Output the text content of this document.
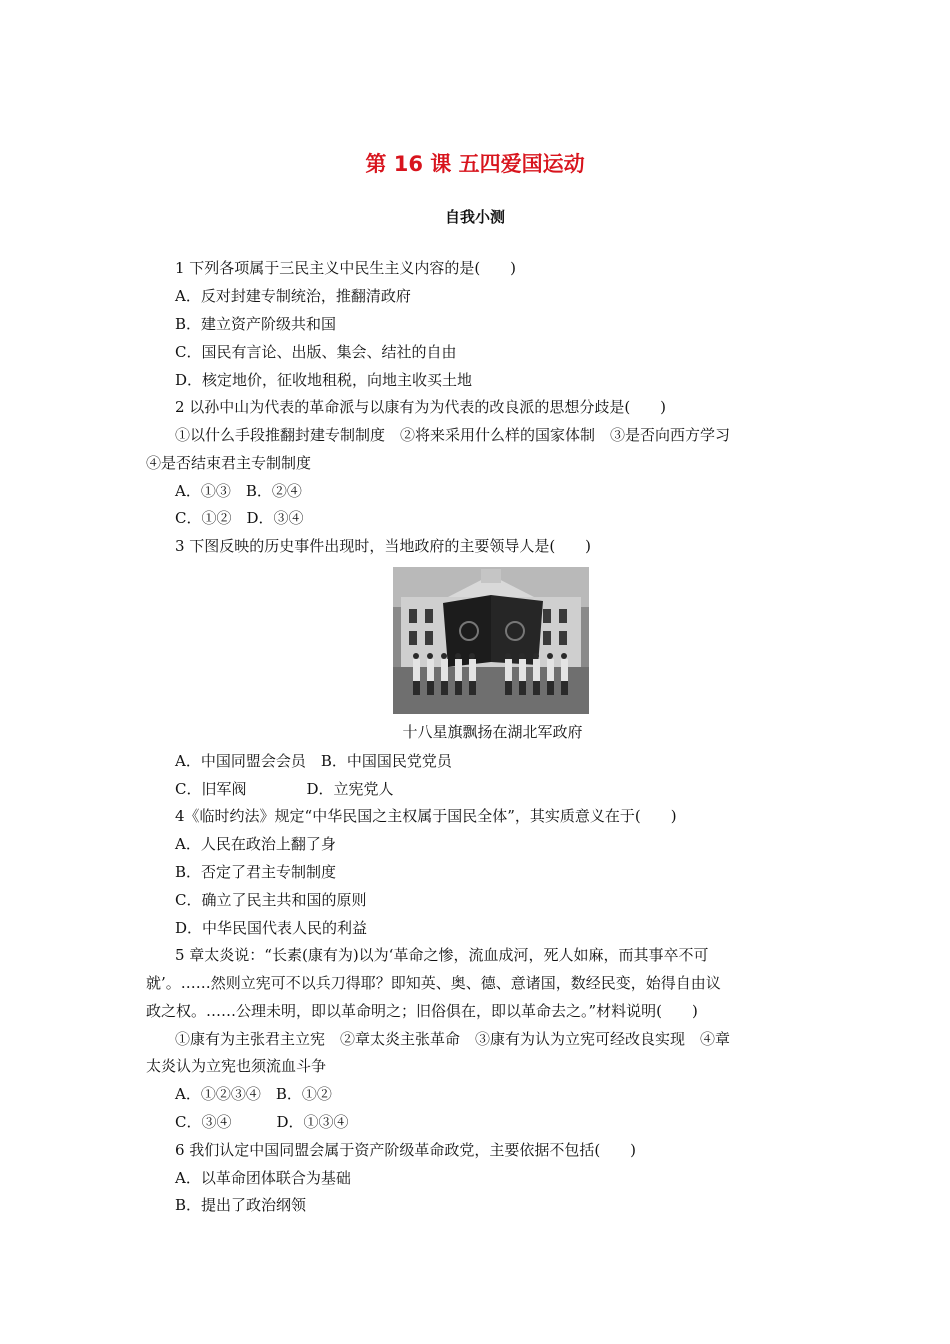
第 16 课 五四爱国运动
自我小测
1 下列各项属于三民主义中民生主义内容的是(　　)
A．反对封建专制统治，推翻清政府
B．建立资产阶级共和国
C．国民有言论、出版、集会、结社的自由
D．核定地价，征收地租税，向地主收买土地
2 以孙中山为代表的革命派与以康有为为代表的改良派的思想分歧是(　　)
①以什么手段推翻封建专制制度　②将来采用什么样的国家体制　③是否向西方学习
④是否结束君主专制制度
A．①③　B．②④
C．①②　D．③④
3 下图反映的历史事件出现时，当地政府的主要领导人是(　　)
A．中国同盟会会员　B．中国国民党党员
C．旧军阀　　　　D．立宪党人
4《临时约法》规定“中华民国之主权属于国民全体”，其实质意义在于(　　)
A．人民在政治上翻了身
B．否定了君主专制制度
C．确立了民主共和国的原则
D．中华民国代表人民的利益
5 章太炎说：“长素(康有为)以为‘革命之惨，流血成河，死人如麻，而其事卒不可
就’。……然则立宪可不以兵刀得耶？即知英、奥、德、意诸国，数经民变，始得自由议
政之权。……公理未明，即以革命明之；旧俗俱在，即以革命去之。”材料说明(　　)
①康有为主张君主立宪　②章太炎主张革命　③康有为认为立宪可经改良实现　④章
太炎认为立宪也须流血斗争
A．①②③④　B．①②
C．③④　　　D．①③④
6 我们认定中国同盟会属于资产阶级革命政党，主要依据不包括(　　)
A．以革命团体联合为基础
B．提出了政治纲领
十八星旗飘扬在湖北军政府
